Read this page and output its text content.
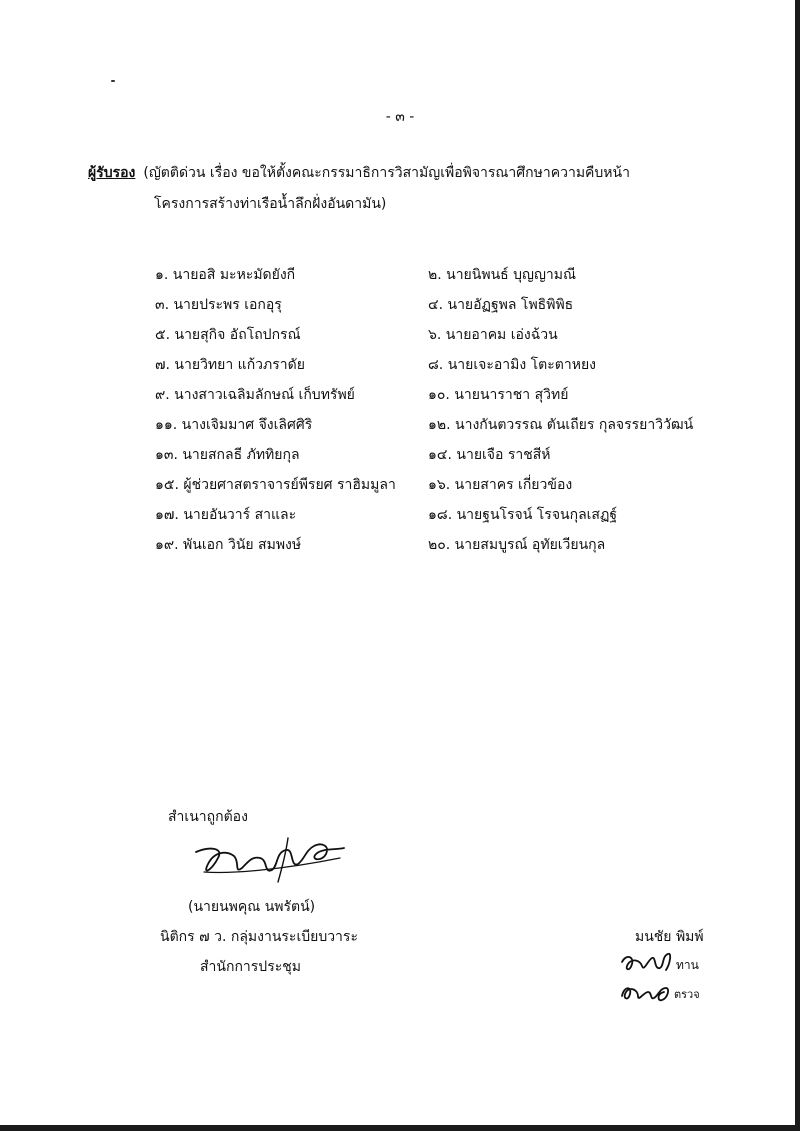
- ๓ -
ผู้รับรอง (ญัตติด่วน เรื่อง ขอให้ตั้งคณะกรรมาธิการวิสามัญเพื่อพิจารณาศึกษาความคืบหน้า
โครงการสร้างท่าเรือน้ำลึกฝั่งอันดามัน)
๑. นายอสิ มะหะมัดยังกี	๒. นายนิพนธ์ บุญญามณี
๓. นายประพร เอกอุรุ	๔. นายอัฏฐพล โพธิพิพิธ
๕. นายสุกิจ อัถโถปกรณ์	๖. นายอาคม เอ่งฉ้วน
๗. นายวิทยา แก้วภราดัย	๘. นายเจะอามิง โตะตาหยง
๙. นางสาวเฉลิมลักษณ์ เก็บทรัพย์	๑๐. นายนาราชา สุวิทย์
๑๑. นางเจิมมาศ จึงเลิศศิริ	๑๒. นางกันตวรรณ ตันเถียร กุลจรรยาวิวัฒน์
๑๓. นายสกลธี ภัททิยกุล	๑๔. นายเจือ ราชสีห์
๑๕. ผู้ช่วยศาสตราจารย์พีรยศ ราฮิมมูลา ๑๖. นายสาคร เกี่ยวข้อง
๑๗. นายอันวาร์ สาและ	๑๘. นายฐนโรจน์ โรจนกุลเสฏฐ์
๑๙. พันเอก วินัย สมพงษ์	๒๐. นายสมบูรณ์ อุทัยเวียนกุล
สำเนาถูกต้อง
(นายนพคุณ นพรัตน์)
นิติกร ๗ ว. กลุ่มงานระเบียบวาระ
สำนักการประชุม
มนชัย พิมพ์
ทาน
ตรวจ
